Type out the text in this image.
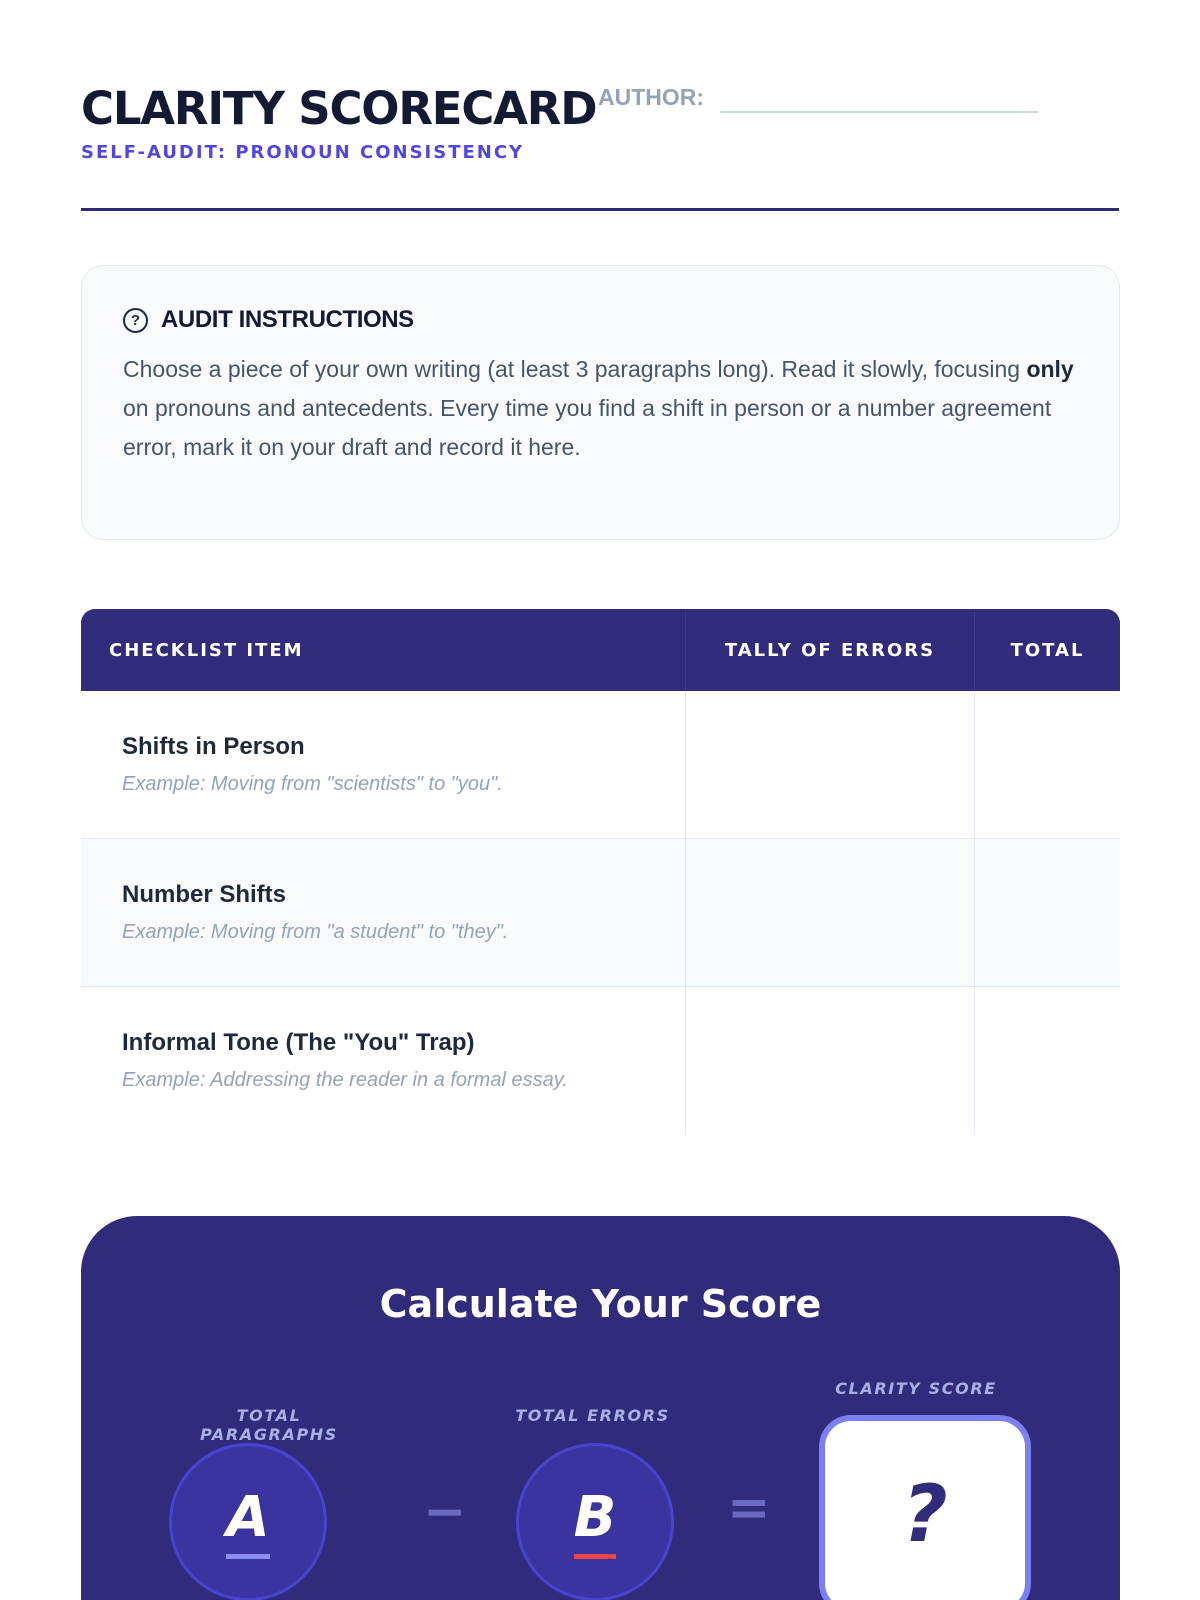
CLARITY SCORECARD
SELF-AUDIT: PRONOUN CONSISTENCY
AUTHOR:
? AUDIT INSTRUCTIONS

Choose a piece of your own writing (at least 3 paragraphs long). Read it slowly, focusing only on pronouns and antecedents. Every time you find a shift in person or a number agreement error, mark it on your draft and record it here.

CHECKLIST ITEM	TALLY OF ERRORS	TOTAL
Shifts in Person
Example: Moving from "scientists" to "you".
Number Shifts
Example: Moving from "a student" to "they".
Informal Tone (The "You" Trap)
Example: Addressing the reader in a formal essay.
Calculate Your Score
TOTAL PARAGRAPHS
A	−
TOTAL ERRORS
B =
CLARITY SCORE
?
